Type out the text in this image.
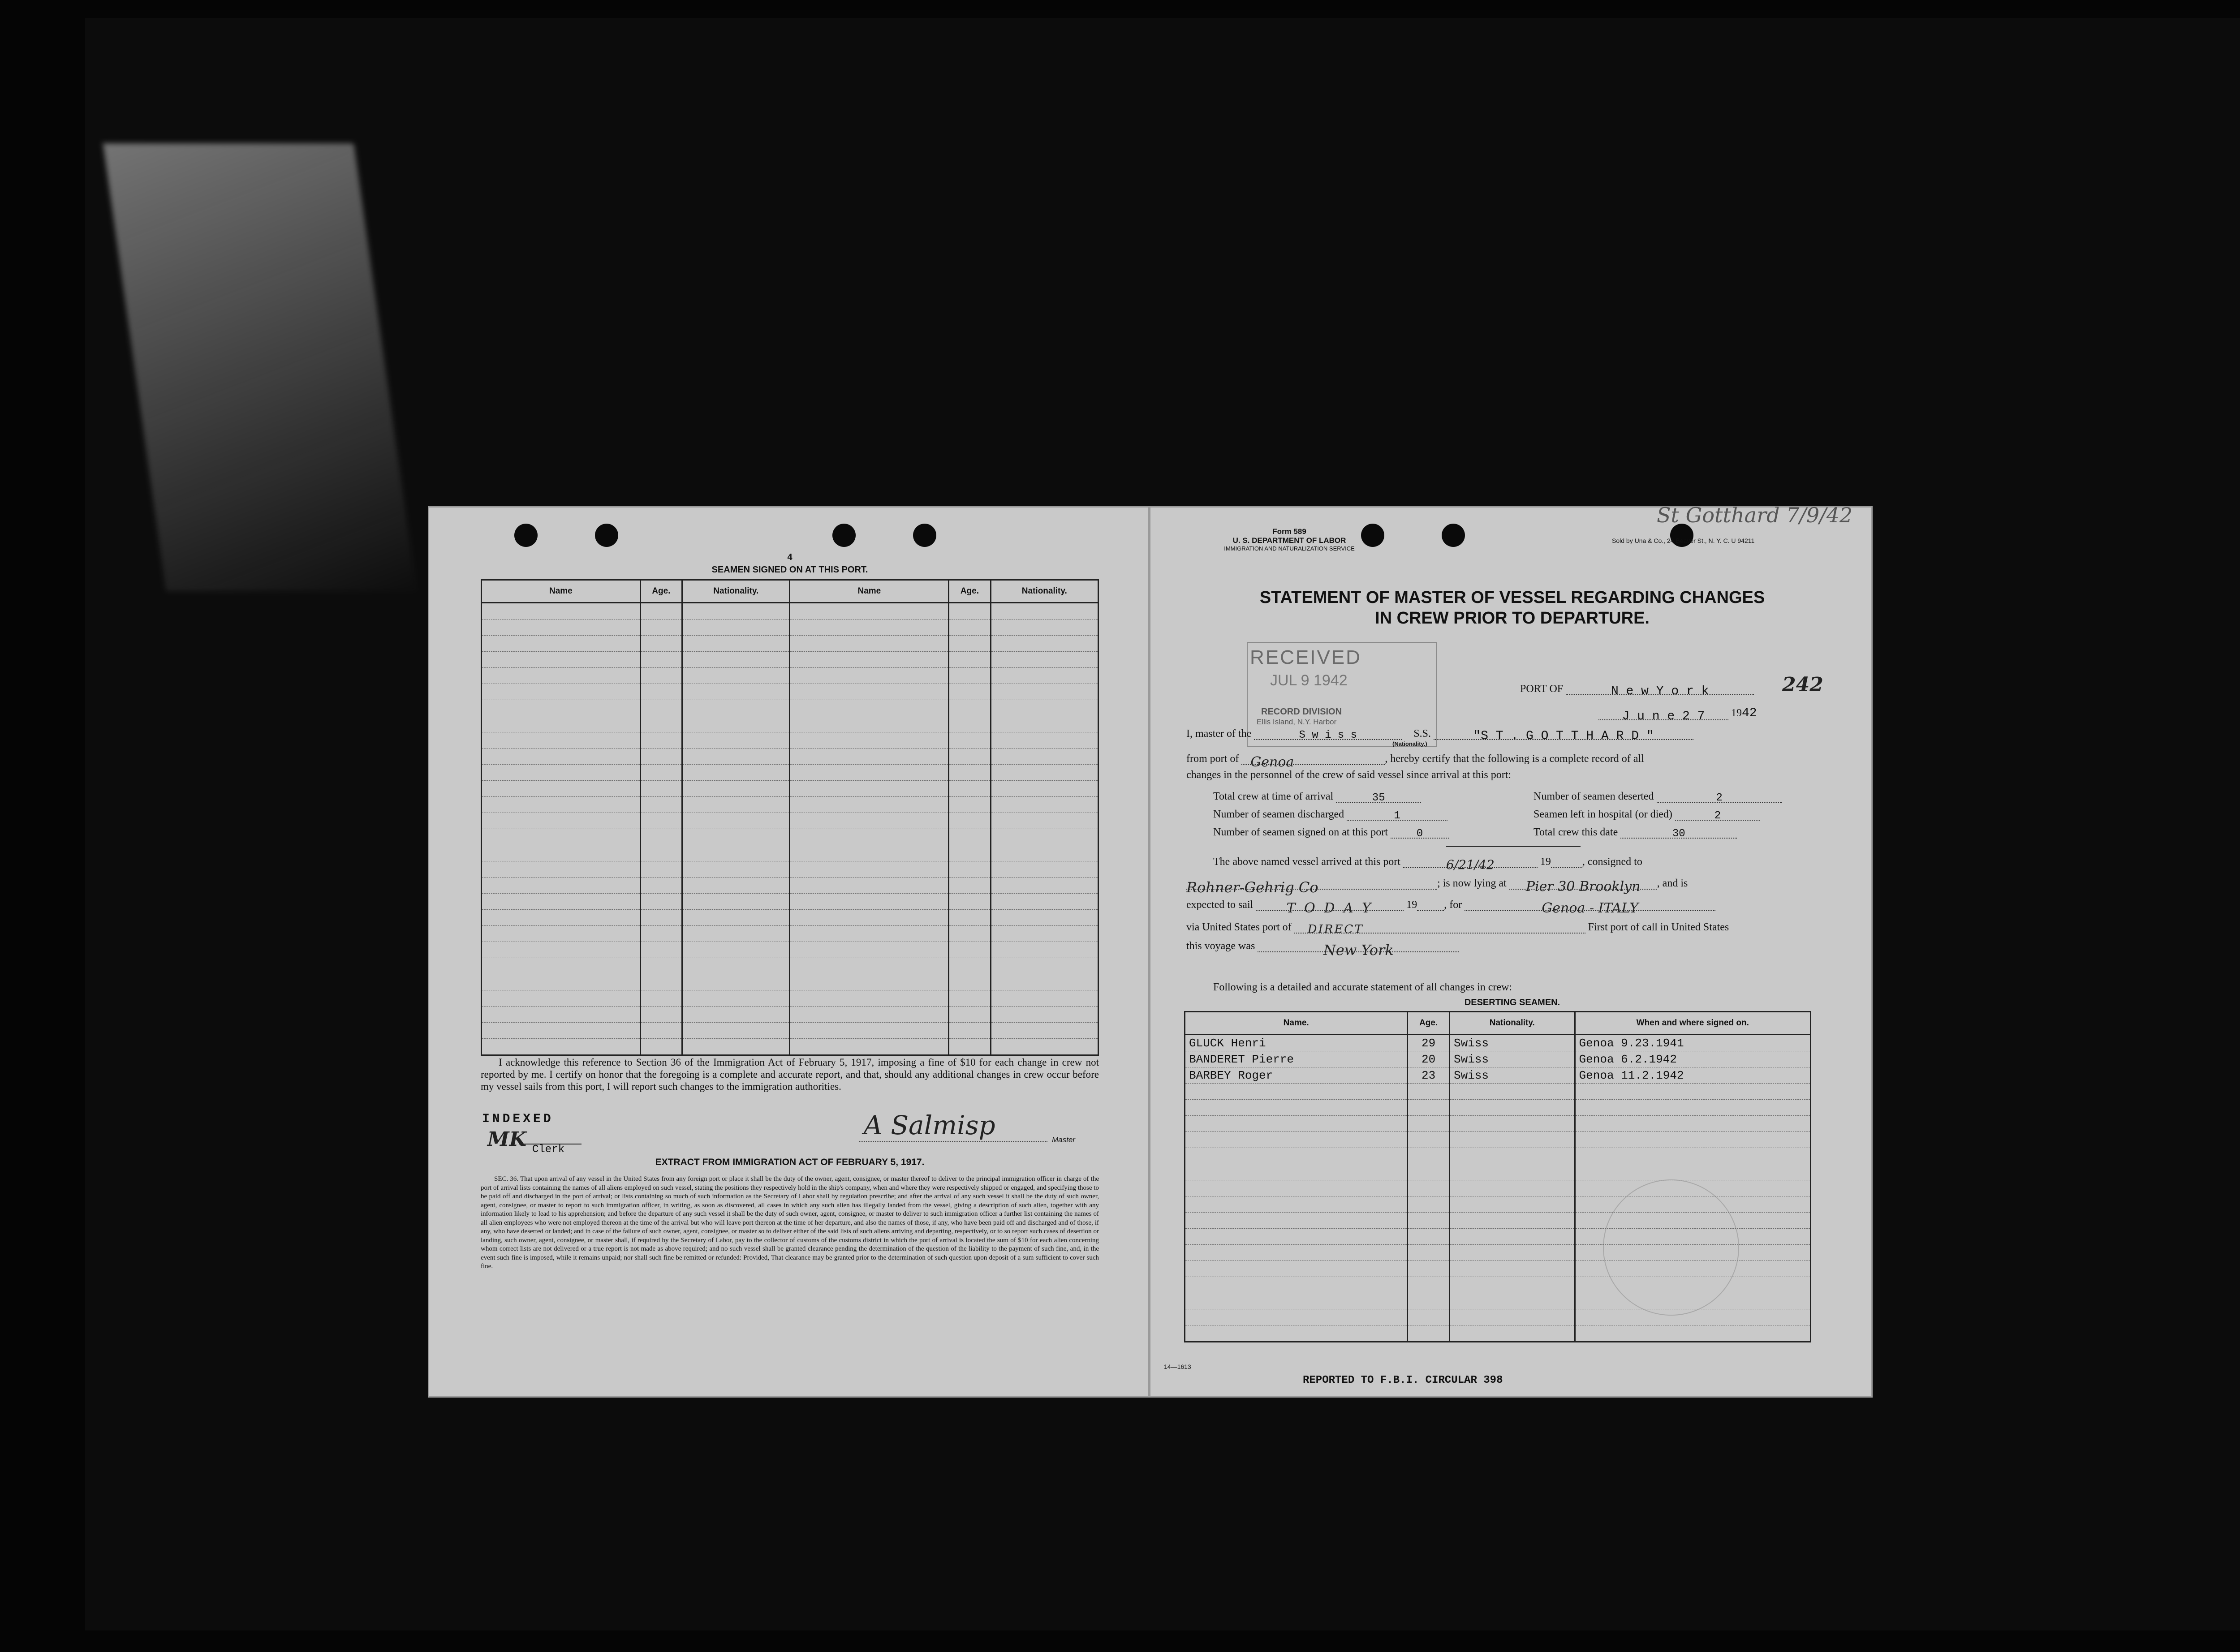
4
SEAMEN SIGNED ON AT THIS PORT.
Name	Age.	Nationality.	Name	Age.	Nationality.

I acknowledge this reference to Section 36 of the Immigration Act of February 5, 1917, imposing a fine of $10 for each change in crew not reported by me. I certify on honor that the foregoing is a complete and accurate report, and that, should any additional changes in crew occur before my vessel sails from this port, I will report such changes to the immigration authorities.
INDEXED
MK Clerk
A Salmisp	Master
EXTRACT FROM IMMIGRATION ACT OF FEBRUARY 5, 1917.
SEC. 36. That upon arrival of any vessel in the United States from any foreign port or place it shall be the duty of the owner, agent, consignee, or master thereof to deliver to the principal immigration officer in charge of the port of arrival lists containing the names of all aliens employed on such vessel, stating the positions they respectively hold in the ship's company, when and where they were respectively shipped or engaged, and specifying those to be paid off and discharged in the port of arrival; or lists containing so much of such information as the Secretary of Labor shall by regulation prescribe; and after the arrival of any such vessel it shall be the duty of such owner, agent, consignee, or master to report to such immigration officer, in writing, as soon as discovered, all cases in which any such alien has illegally landed from the vessel, giving a description of such alien, together with any information likely to lead to his apprehension; and before the departure of any such vessel it shall be the duty of such owner, agent, consignee, or master to deliver to such immigration officer a further list containing the names of all alien employees who were not employed thereon at the time of the arrival but who will leave port thereon at the time of her departure, and also the names of those, if any, who have been paid off and discharged and of those, if any, who have deserted or landed; and in case of the failure of such owner, agent, consignee, or master so to deliver either of the said lists of such aliens arriving and departing, respectively, or to so report such cases of desertion or landing, such owner, agent, consignee, or master shall, if required by the Secretary of Labor, pay to the collector of customs of the customs district in which the port of arrival is located the sum of $10 for each alien concerning whom correct lists are not delivered or a true report is not made as above required; and no such vessel shall be granted clearance pending the determination of the question of the liability to the payment of such fine, and, in the event such fine is imposed, while it remains unpaid; nor shall such fine be remitted or refunded: Provided, That clearance may be granted prior to the determination of such question upon deposit of a sum sufficient to cover such fine.
Form 589
U. S. DEPARTMENT OF LABOR
IMMIGRATION AND NATURALIZATION SERVICE
Sold by Una & Co., 24 Beaver St., N. Y. C. U 94211
St Gotthard 7/9/42
STATEMENT OF MASTER OF VESSEL REGARDING CHANGES
IN CREW PRIOR TO DEPARTURE.
RECEIVED
JUL 9 1942
RECORD DIVISION
Ellis Island, N.Y. Harbor
PORT OF	N e w Y o r k	242
J u n e 2 7 1942
I, master of the	S w i s s	S.S.	"S T . G O T T H A R D "
(Nationality.)
from port of Genoa	, hereby certify that the following is a complete record of all
changes in the personnel of the crew of said vessel since arrival at this port:
Total crew at time of arrival	35	Number of seamen deserted	2
Number of seamen discharged	1	Seamen left in hospital (or died)	2
Number of seamen signed on at this port	0	Total crew this date	30
The above named vessel arrived at this port	6/21/42	19	, consigned to
Rohner-Gehrig Co	; is now lying at Pier 30 Brooklyn , and is
expected to sail T O D A Y	19	, for	Genoa - ITALY
via United States port of DIRECT	First port of call in United States
this voyage was	New York
Following is a detailed and accurate statement of all changes in crew:
DESERTING SEAMEN.
Name.	Age.	Nationality.	When and where signed on.
GLUCK Henri	29	Swiss	Genoa 9.23.1941
BANDERET Pierre	20	Swiss	Genoa 6.2.1942
BARBEY Roger	23	Swiss	Genoa 11.2.1942

14—1613
REPORTED TO F.B.I. CIRCULAR 398
